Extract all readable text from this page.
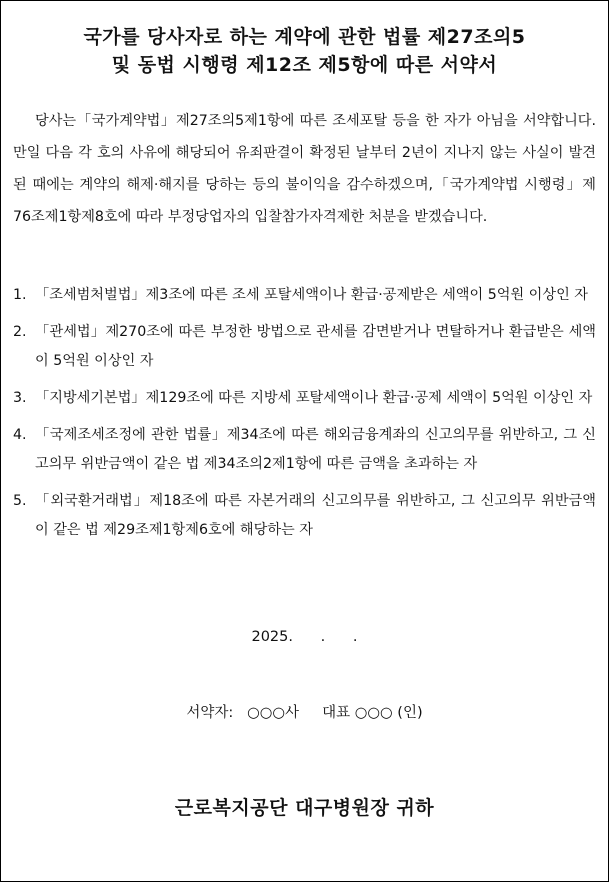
국가를 당사자로 하는 계약에 관한 법률 제27조의5
및 동법 시행령 제12조 제5항에 따른 서약서
당사는「국가계약법」제27조의5제1항에 따른 조세포탈 등을 한 자가 아님을 서약합니다. 만일 다음 각 호의 사유에 해당되어 유죄판결이 확정된 날부터 2년이 지나지 않는 사실이 발견된 때에는 계약의 해제·해지를 당하는 등의 불이익을 감수하겠으며,「국가계약법 시행령」제76조제1항제8호에 따라 부정당업자의 입찰참가자격제한 처분을 받겠습니다.
1. 「조세범처벌법」제3조에 따른 조세 포탈세액이나 환급·공제받은 세액이 5억원 이상인 자
2. 「관세법」제270조에 따른 부정한 방법으로 관세를 감면받거나 면탈하거나 환급받은 세액이 5억원 이상인 자
3. 「지방세기본법」제129조에 따른 지방세 포탈세액이나 환급·공제 세액이 5억원 이상인 자
4. 「국제조세조정에 관한 법률」제34조에 따른 해외금융계좌의 신고의무를 위반하고, 그 신고의무 위반금액이 같은 법 제34조의2제1항에 따른 금액을 초과하는 자
5. 「외국환거래법」제18조에 따른 자본거래의 신고의무를 위반하고, 그 신고의무 위반금액이 같은 법 제29조제1항제6호에 해당하는 자
2025.      .      .
서약자:   ○○○사     대표 ○○○ (인)
근로복지공단 대구병원장 귀하
